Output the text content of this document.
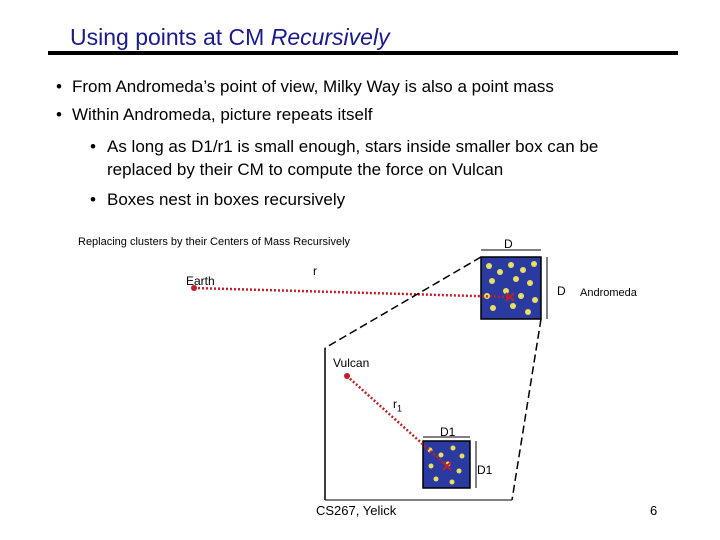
Using points at CM Recursively
• From Andromeda’s point of view, Milky Way is also a point mass
• Within Andromeda, picture repeats itself
• As long as D1/r1 is small enough, stars inside smaller box can be
replaced by their CM to compute the force on Vulcan
• Boxes nest in boxes recursively
Replacing clusters by their Centers of Mass Recursively
Earth
r
D
D Andromeda
Vulcan
$r_1$
D1
D1
CS267, Yelick	6
